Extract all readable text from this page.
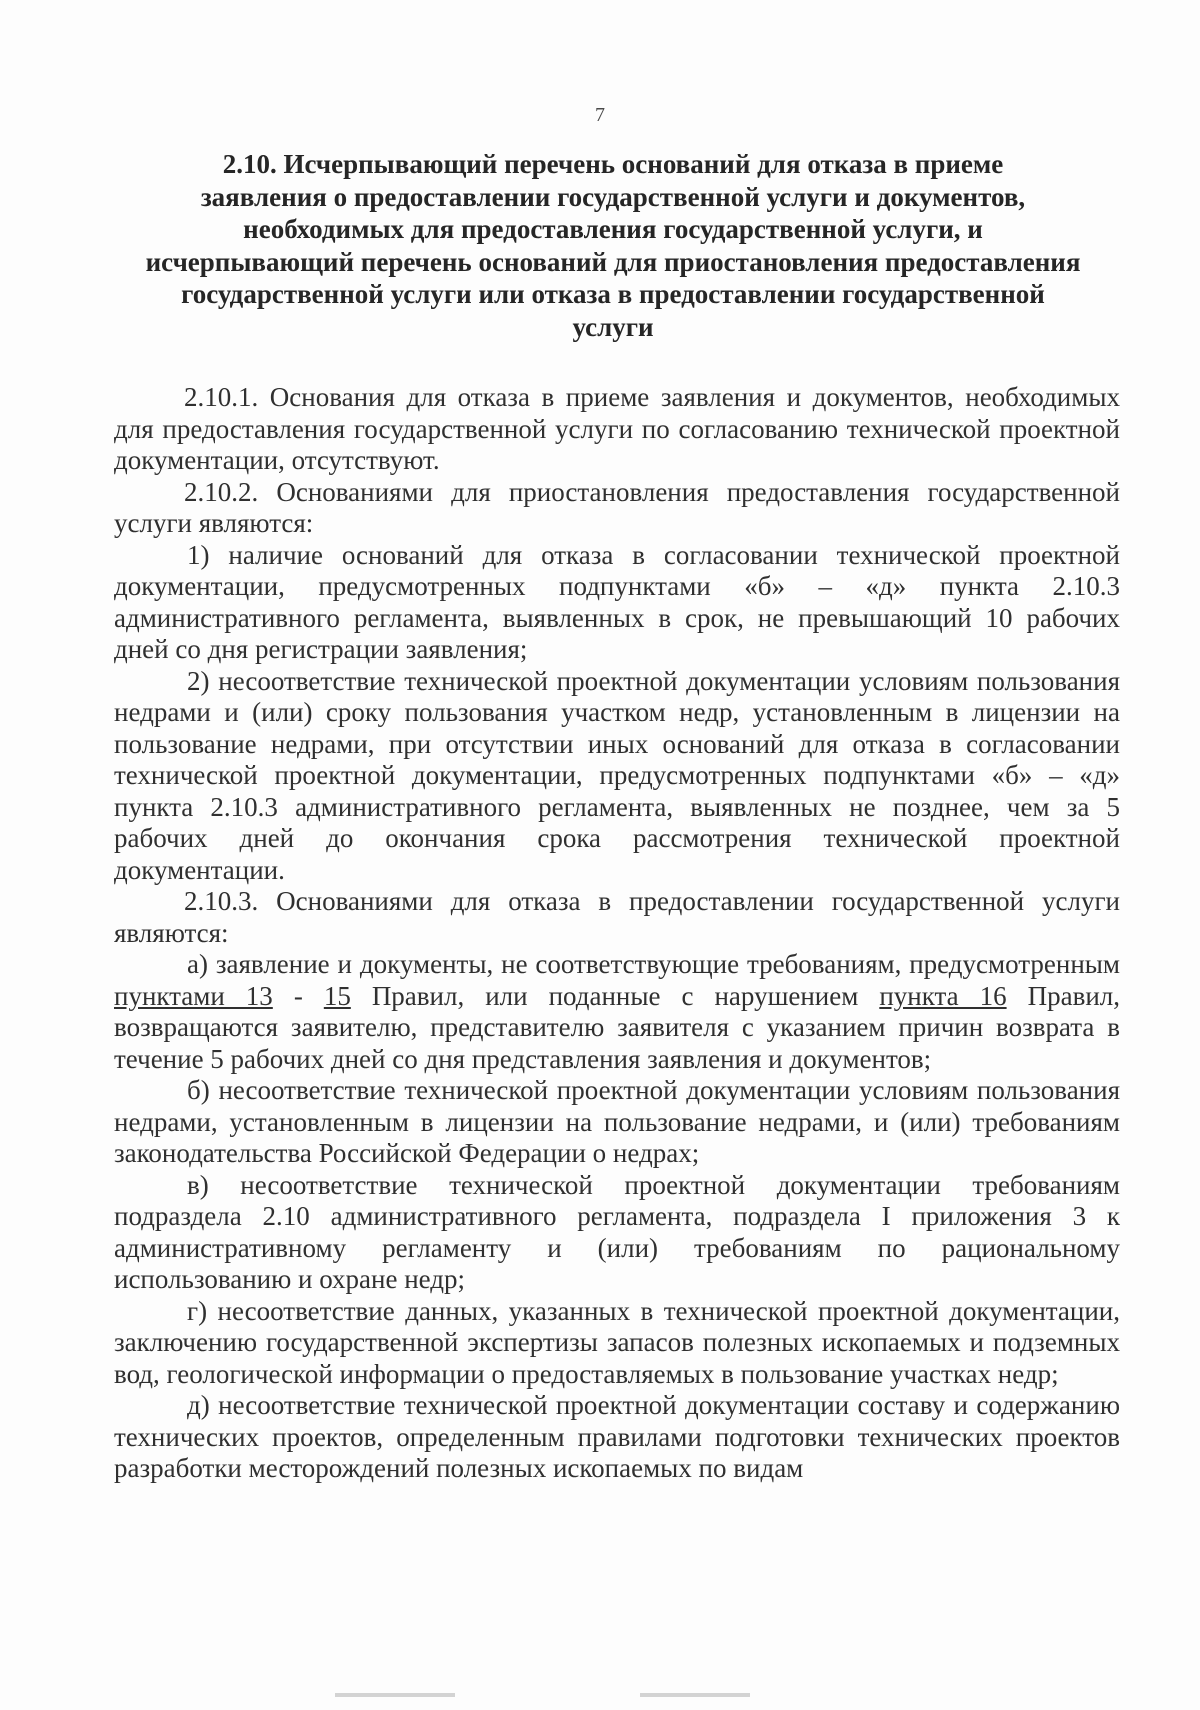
7
2.10. Исчерпывающий перечень оснований для отказа в приеме
заявления о предоставлении государственной услуги и документов,
необходимых для предоставления государственной услуги, и
исчерпывающий перечень оснований для приостановления предоставления
государственной услуги или отказа в предоставлении государственной
услуги

2.10.1. Основания для отказа в приеме заявления и документов, необходимых для предоставления государственной услуги по согласованию технической проектной документации, отсутствуют.

2.10.2. Основаниями для приостановления предоставления государственной услуги являются:

1) наличие оснований для отказа в согласовании технической проектной документации, предусмотренных подпунктами «б» – «д» пункта 2.10.3 административного регламента, выявленных в срок, не превышающий 10 рабочих дней со дня регистрации заявления;

2) несоответствие технической проектной документации условиям пользования недрами и (или) сроку пользования участком недр, установленным в лицензии на пользование недрами, при отсутствии иных оснований для отказа в согласовании технической проектной документации, предусмотренных подпунктами «б» – «д» пункта 2.10.3 административного регламента, выявленных не позднее, чем за 5 рабочих дней до окончания срока рассмотрения технической проектной документации.

2.10.3. Основаниями для отказа в предоставлении государственной услуги являются:

а) заявление и документы, не соответствующие требованиям, предусмотренным пунктами 13 - 15 Правил, или поданные с нарушением пункта 16 Правил, возвращаются заявителю, представителю заявителя с указанием причин возврата в течение 5 рабочих дней со дня представления заявления и документов;

б) несоответствие технической проектной документации условиям пользования недрами, установленным в лицензии на пользование недрами, и (или) требованиям законодательства Российской Федерации о недрах;

в) несоответствие технической проектной документации требованиям подраздела 2.10 административного регламента, подраздела I приложения 3 к административному регламенту и (или) требованиям по рациональному использованию и охране недр;

г) несоответствие данных, указанных в технической проектной документации, заключению государственной экспертизы запасов полезных ископаемых и подземных вод, геологической информации о предоставляемых в пользование участках недр;

д) несоответствие технической проектной документации составу и содержанию технических проектов, определенным правилами подготовки технических проектов разработки месторождений полезных ископаемых по видам
